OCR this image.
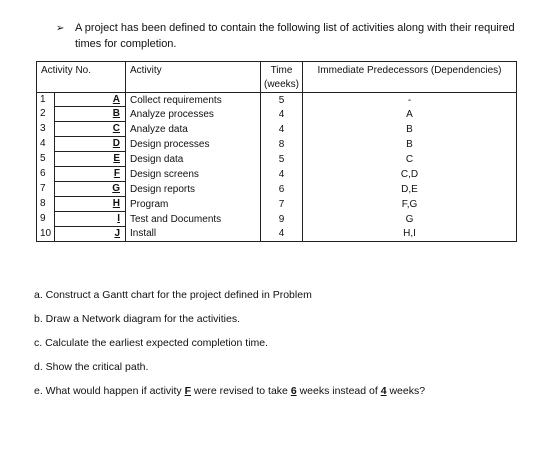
➢ A project has been defined to contain the following list of activities along with their required times for completion.
Activity No.	Activity	Time (weeks)	Immediate Predecessors (Dependencies)

1 A	Collect requirements	5	-

2 B	Analyze processes	4	A

3 C	Analyze data	4	B

4 D	Design processes	8	B

5 E	Design data	5	C

6 F	Design screens	4	C,D

7 G	Design reports	6	D,E

8 H	Program	7	F,G

9 I	Test and Documents	9	G

10 J	Install	4	H,I
a. Construct a Gantt chart for the project defined in Problem
b. Draw a Network diagram for the activities.
c. Calculate the earliest expected completion time.
d. Show the critical path.
e. What would happen if activity F were revised to take 6 weeks instead of 4 weeks?
